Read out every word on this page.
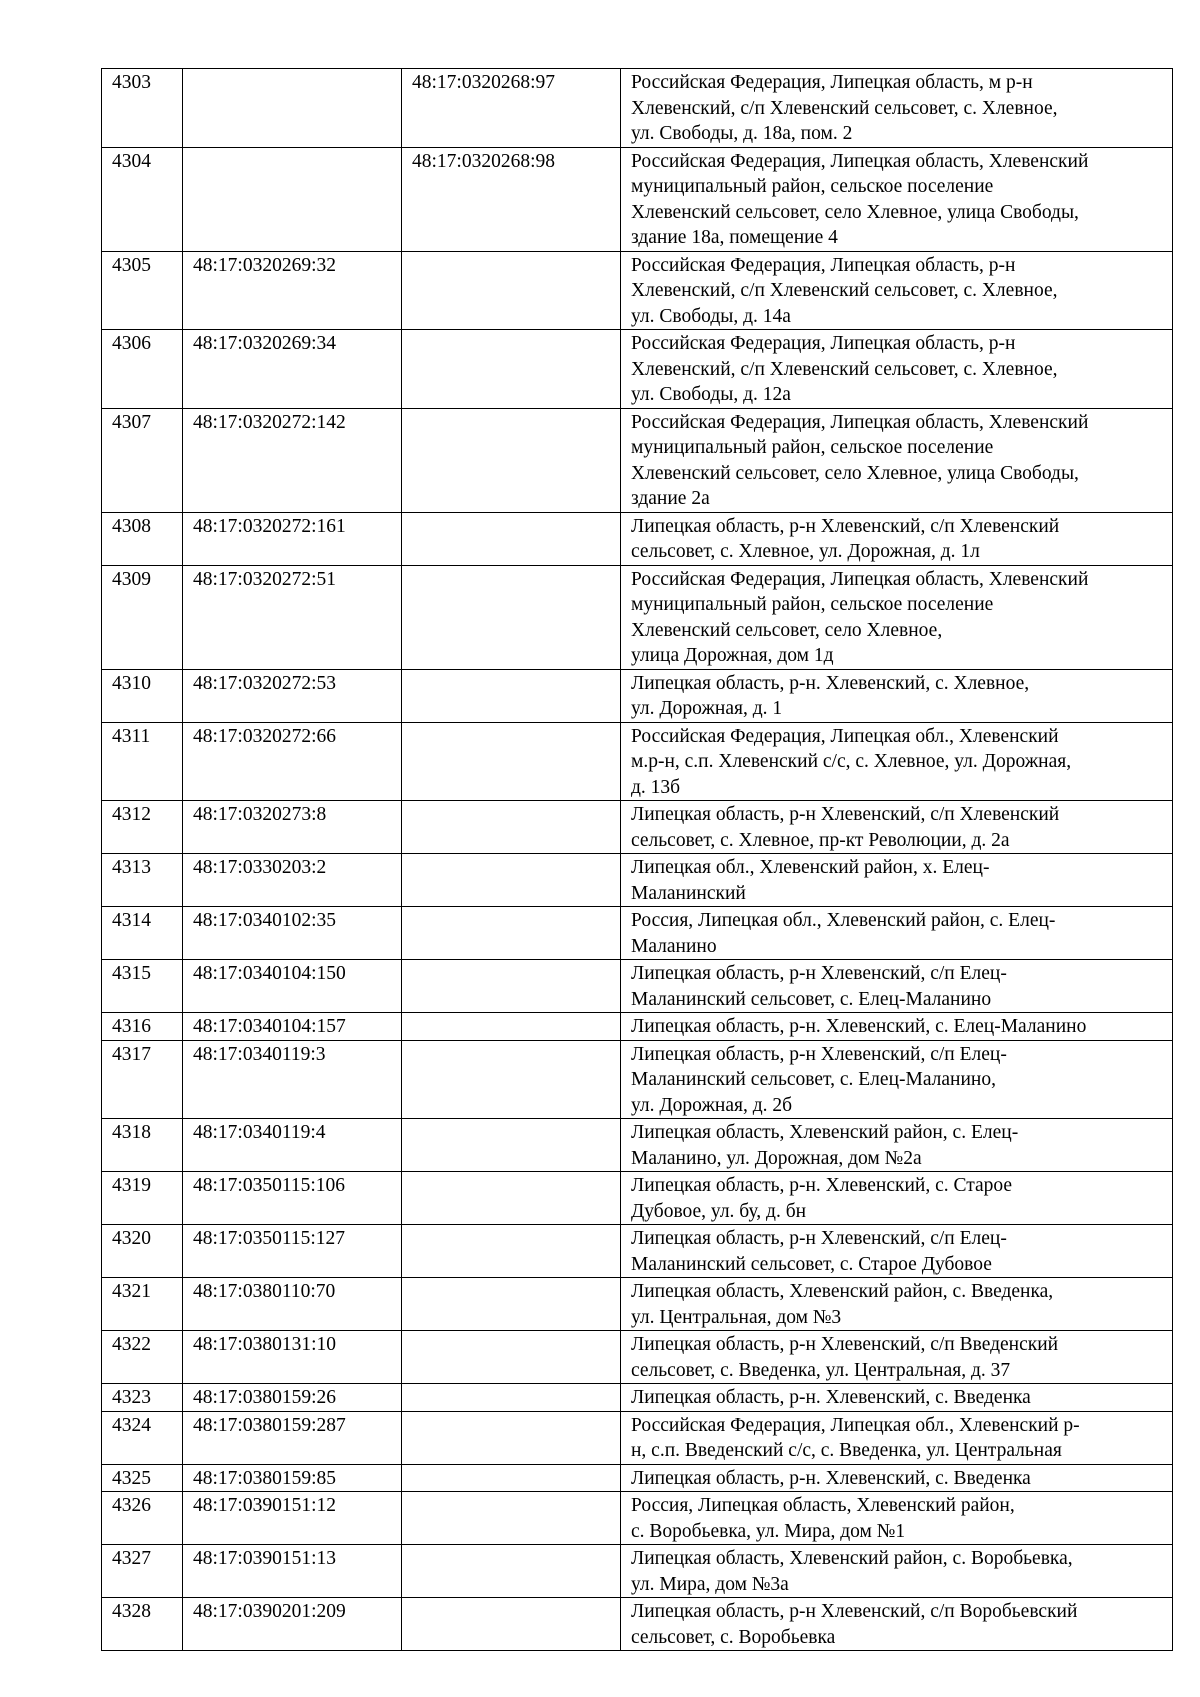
4303		48:17:0320268:97	Российская Федерация, Липецкая область, м р-н
Хлевенский, с/п Хлевенский сельсовет, с. Хлевное,
ул. Свободы, д. 18а, пом. 2
4304		48:17:0320268:98	Российская Федерация, Липецкая область, Хлевенский
муниципальный район, сельское поселение
Хлевенский сельсовет, село Хлевное, улица Свободы,
здание 18а, помещение 4
4305	48:17:0320269:32		Российская Федерация, Липецкая область, р-н
Хлевенский, с/п Хлевенский сельсовет, с. Хлевное,
ул. Свободы, д. 14а
4306	48:17:0320269:34		Российская Федерация, Липецкая область, р-н
Хлевенский, с/п Хлевенский сельсовет, с. Хлевное,
ул. Свободы, д. 12а
4307	48:17:0320272:142		Российская Федерация, Липецкая область, Хлевенский
муниципальный район, сельское поселение
Хлевенский сельсовет, село Хлевное, улица Свободы,
здание 2а
4308	48:17:0320272:161		Липецкая область, р-н Хлевенский, с/п Хлевенский
сельсовет, с. Хлевное, ул. Дорожная, д. 1л
4309	48:17:0320272:51		Российская Федерация, Липецкая область, Хлевенский
муниципальный район, сельское поселение
Хлевенский сельсовет, село Хлевное,
улица Дорожная, дом 1д
4310	48:17:0320272:53		Липецкая область, р-н. Хлевенский, с. Хлевное,
ул. Дорожная, д. 1
4311	48:17:0320272:66		Российская Федерация, Липецкая обл., Хлевенский
м.р-н, с.п. Хлевенский с/с, с. Хлевное, ул. Дорожная,
д. 13б
4312	48:17:0320273:8		Липецкая область, р-н Хлевенский, с/п Хлевенский
сельсовет, с. Хлевное, пр-кт Революции, д. 2а
4313	48:17:0330203:2		Липецкая обл., Хлевенский район, х. Елец-
Маланинский
4314	48:17:0340102:35		Россия, Липецкая обл., Хлевенский район, с. Елец-
Маланино
4315	48:17:0340104:150		Липецкая область, р-н Хлевенский, с/п Елец-
Маланинский сельсовет, с. Елец-Маланино
4316	48:17:0340104:157		Липецкая область, р-н. Хлевенский, с. Елец-Маланино
4317	48:17:0340119:3		Липецкая область, р-н Хлевенский, с/п Елец-
Маланинский сельсовет, с. Елец-Маланино,
ул. Дорожная, д. 2б
4318	48:17:0340119:4		Липецкая область, Хлевенский район, с. Елец-
Маланино, ул. Дорожная, дом №2а
4319	48:17:0350115:106		Липецкая область, р-н. Хлевенский, с. Старое
Дубовое, ул. бу, д. бн
4320	48:17:0350115:127		Липецкая область, р-н Хлевенский, с/п Елец-
Маланинский сельсовет, с. Старое Дубовое
4321	48:17:0380110:70		Липецкая область, Хлевенский район, с. Введенка,
ул. Центральная, дом №3
4322	48:17:0380131:10		Липецкая область, р-н Хлевенский, с/п Введенский
сельсовет, с. Введенка, ул. Центральная, д. 37
4323	48:17:0380159:26		Липецкая область, р-н. Хлевенский, с. Введенка
4324	48:17:0380159:287		Российская Федерация, Липецкая обл., Хлевенский р-
н, с.п. Введенский с/с, с. Введенка, ул. Центральная
4325	48:17:0380159:85		Липецкая область, р-н. Хлевенский, с. Введенка
4326	48:17:0390151:12		Россия, Липецкая область, Хлевенский район,
с. Воробьевка, ул. Мира, дом №1
4327	48:17:0390151:13		Липецкая область, Хлевенский район, с. Воробьевка,
ул. Мира, дом №3а
4328	48:17:0390201:209		Липецкая область, р-н Хлевенский, с/п Воробьевский
сельсовет, с. Воробьевка
